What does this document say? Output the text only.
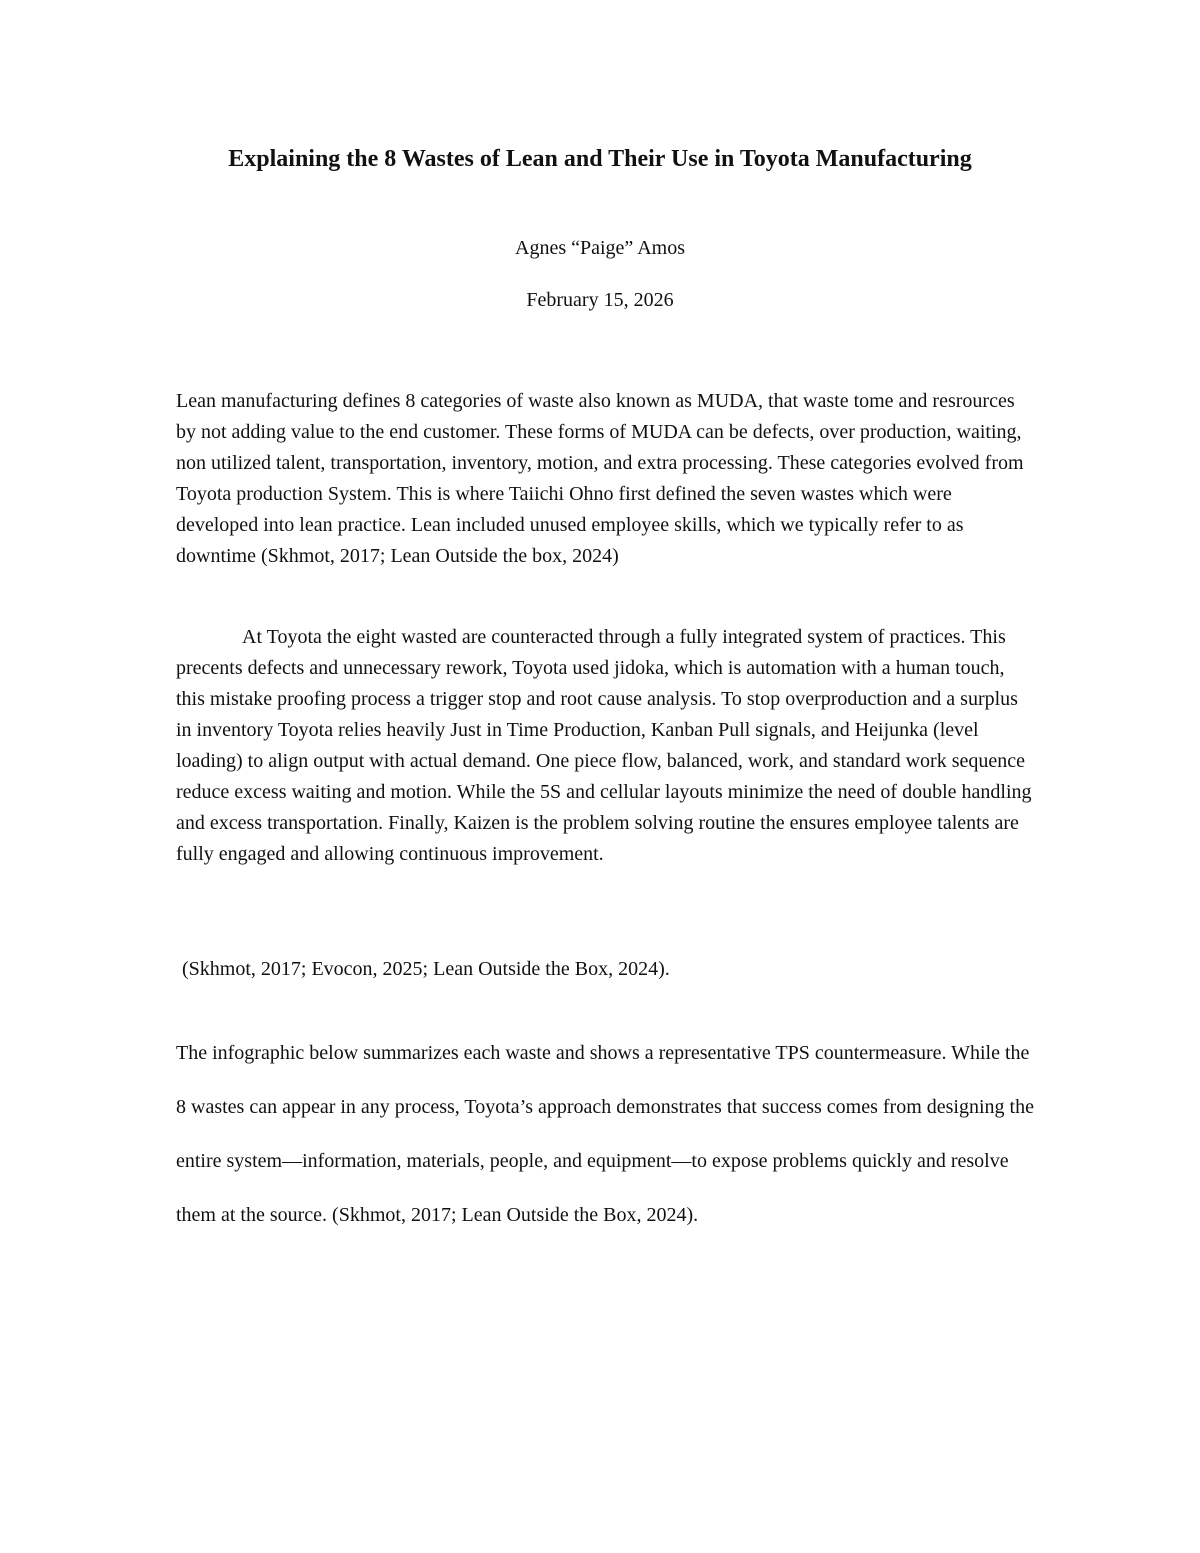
Explaining the 8 Wastes of Lean and Their Use in Toyota Manufacturing

Agnes “Paige” Amos

February 15, 2026

Lean manufacturing defines 8 categories of waste also known as MUDA, that waste tome and resrources by not adding value to the end customer. These forms of MUDA can be defects, over production, waiting, non utilized talent, transportation, inventory, motion, and extra processing. These categories evolved from Toyota production System. This is where Taiichi Ohno first defined the seven wastes which were developed into lean practice. Lean included unused employee skills, which we typically refer to as downtime (Skhmot, 2017; Lean Outside the box, 2024)

At Toyota the eight wasted are counteracted through a fully integrated system of practices. This precents defects and unnecessary rework, Toyota used jidoka, which is automation with a human touch, this mistake proofing process a trigger stop and root cause analysis. To stop overproduction and a surplus in inventory Toyota relies heavily Just in Time Production, Kanban Pull signals, and Heijunka (level loading) to align output with actual demand. One piece flow, balanced, work, and standard work sequence reduce excess waiting and motion. While the 5S and cellular layouts minimize the need of double handling and excess transportation. Finally, Kaizen is the problem solving routine the ensures employee talents are fully engaged and allowing continuous improvement.

(Skhmot, 2017; Evocon, 2025; Lean Outside the Box, 2024).

The infographic below summarizes each waste and shows a representative TPS countermeasure. While the 8 wastes can appear in any process, Toyota’s approach demonstrates that success comes from designing the entire system—information, materials, people, and equipment—to expose problems quickly and resolve them at the source. (Skhmot, 2017; Lean Outside the Box, 2024).
